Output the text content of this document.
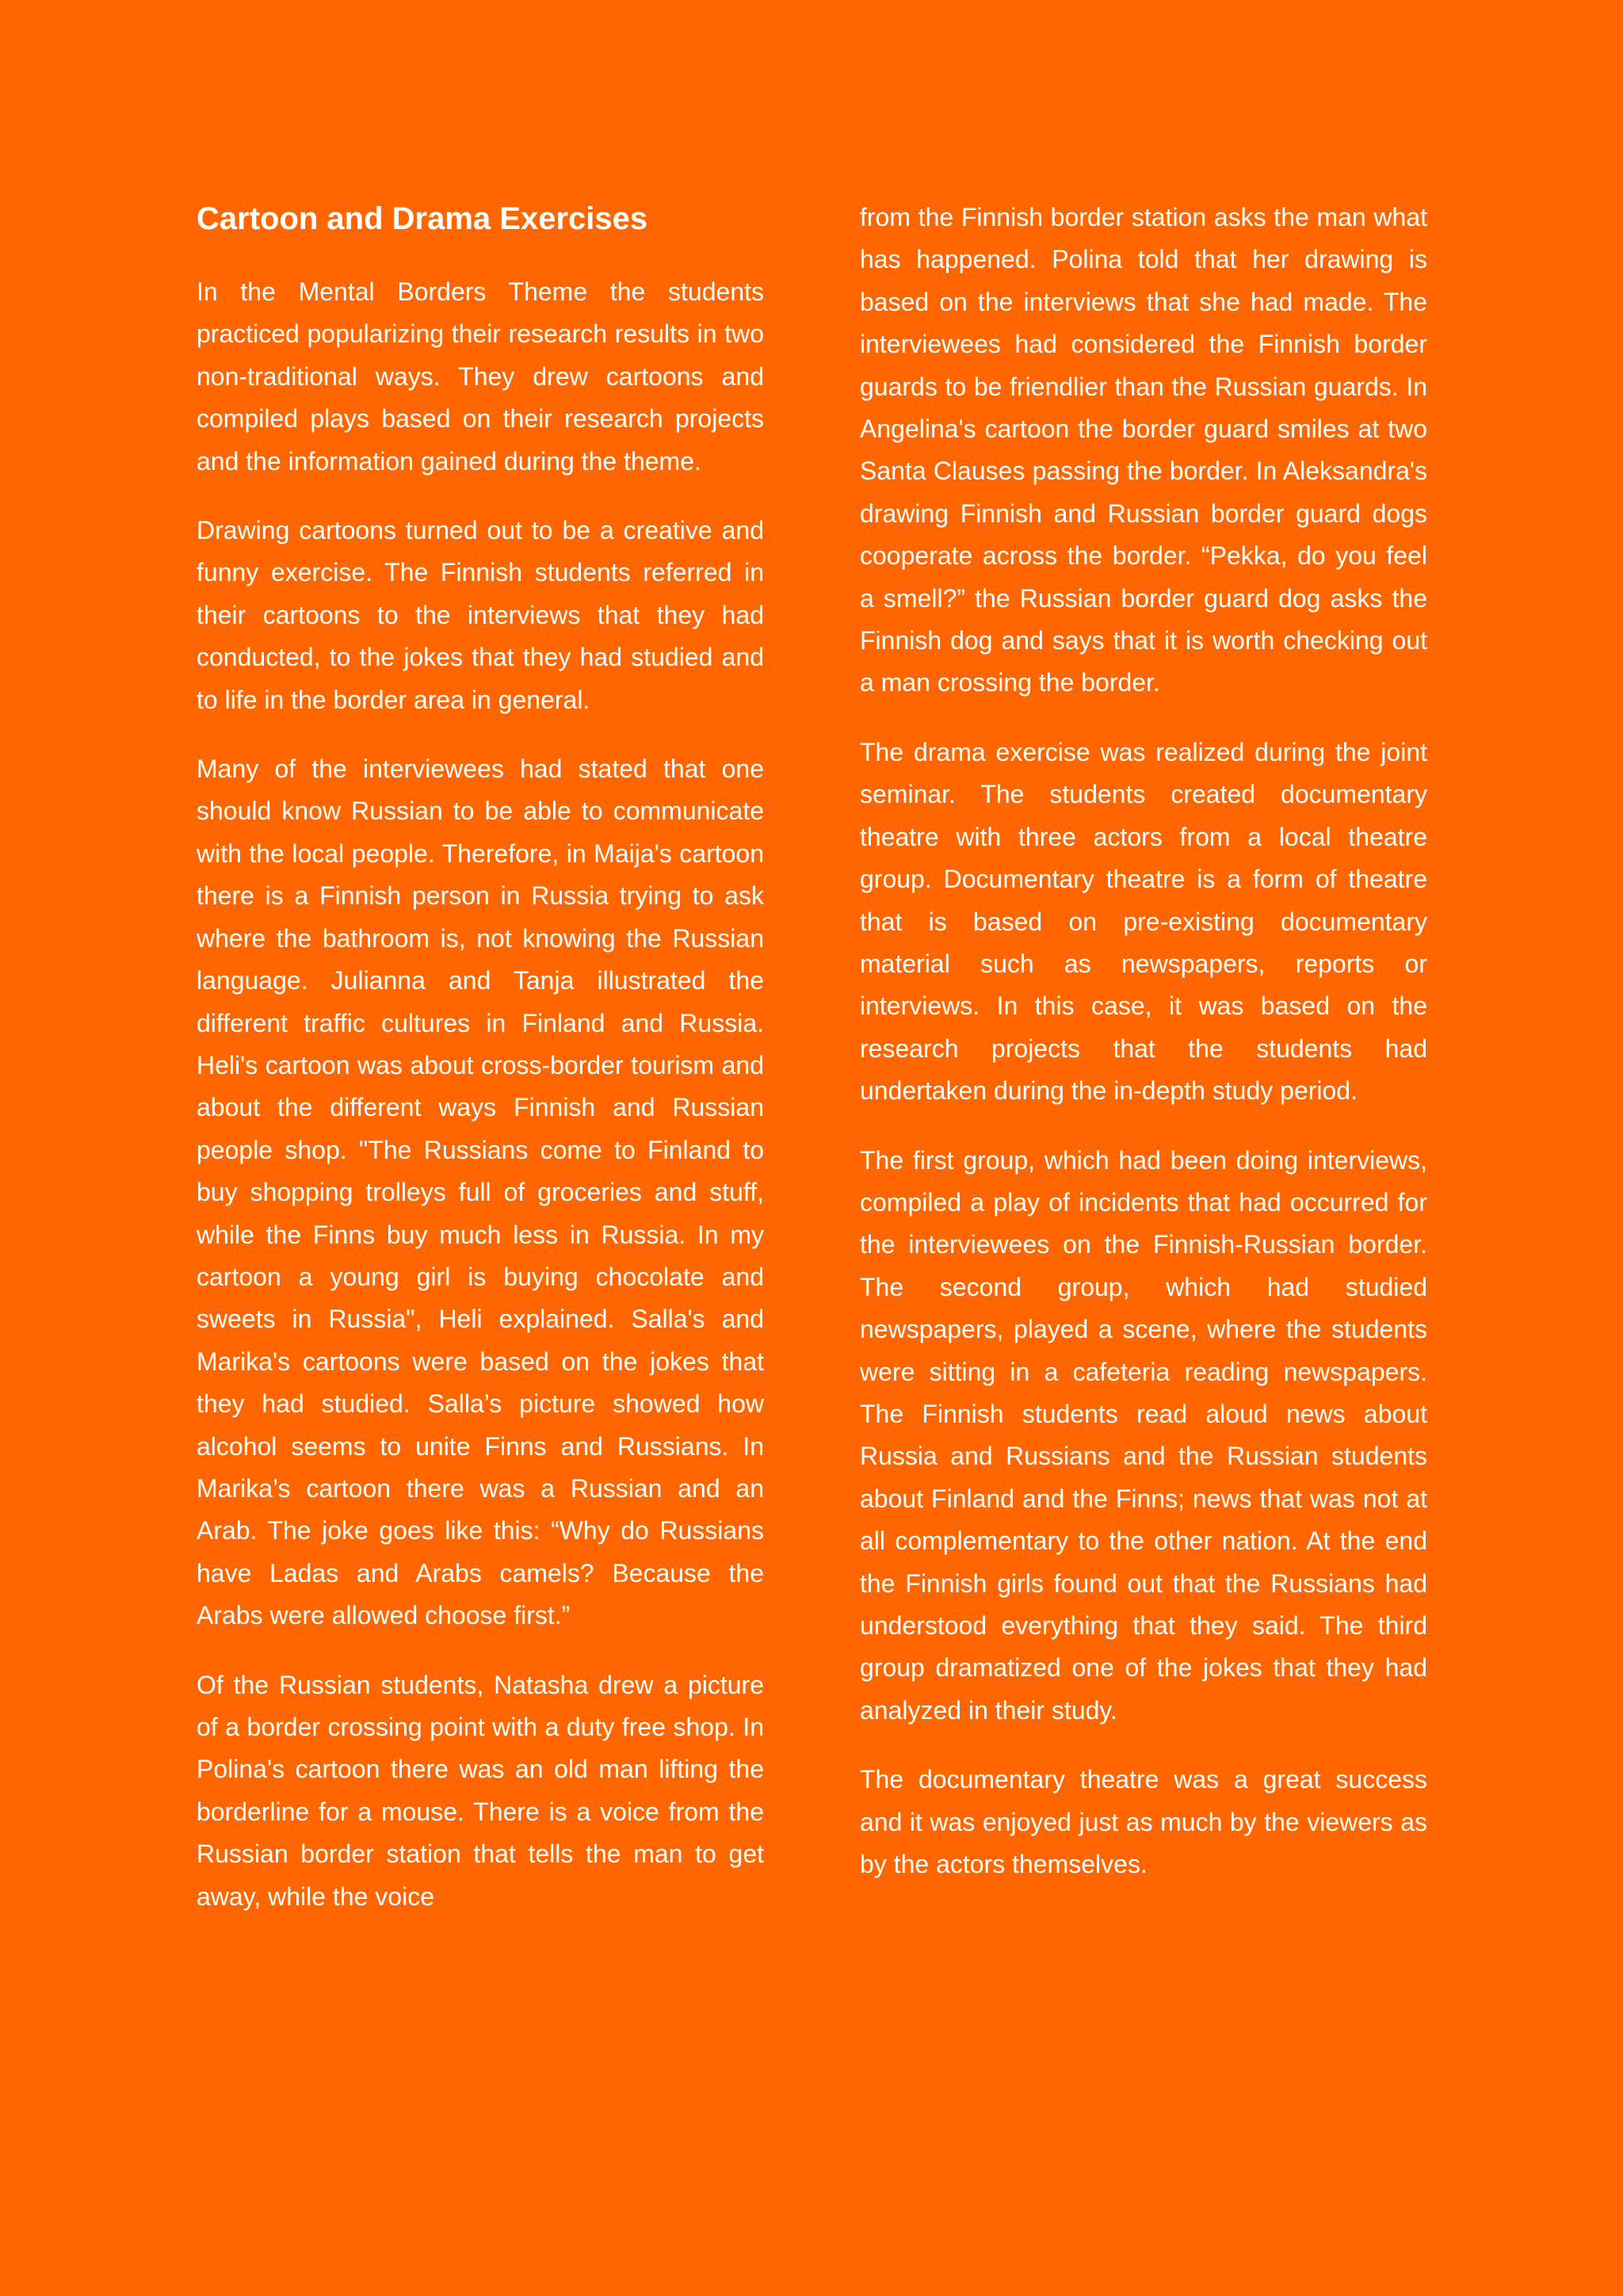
Cartoon and Drama Exercises

In the Mental Borders Theme the students practiced popularizing their research results in two non-traditional ways. They drew cartoons and compiled plays based on their research projects and the information gained during the theme.

Drawing cartoons turned out to be a creative and funny exercise. The Finnish students referred in their cartoons to the interviews that they had conducted, to the jokes that they had studied and to life in the border area in general.

Many of the interviewees had stated that one should know Russian to be able to communicate with the local people. Therefore, in Maija's cartoon there is a Finnish person in Russia trying to ask where the bathroom is, not knowing the Russian language. Julianna and Tanja illustrated the different traffic cultures in Finland and Russia. Heli's cartoon was about cross-border tourism and about the different ways Finnish and Russian people shop. "The Russians come to Finland to buy shopping trolleys full of groceries and stuff, while the Finns buy much less in Russia. In my cartoon a young girl is buying chocolate and sweets in Russia", Heli explained. Salla's and Marika's cartoons were based on the jokes that they had studied. Salla’s picture showed how alcohol seems to unite Finns and Russians. In Marika’s cartoon there was a Russian and an Arab. The joke goes like this: “Why do Russians have Ladas and Arabs camels? Because the Arabs were allowed choose first.”

Of the Russian students, Natasha drew a picture of a border crossing point with a duty free shop. In Polina's cartoon there was an old man lifting the borderline for a mouse. There is a voice from the Russian border station that tells the man to get away, while the voice

from the Finnish border station asks the man what has happened. Polina told that her drawing is based on the interviews that she had made. The interviewees had considered the Finnish border guards to be friendlier than the Russian guards. In Angelina's cartoon the border guard smiles at two Santa Clauses passing the border. In Aleksandra's drawing Finnish and Russian border guard dogs cooperate across the border. “Pekka, do you feel a smell?” the Russian border guard dog asks the Finnish dog and says that it is worth checking out a man crossing the border.

The drama exercise was realized during the joint seminar. The students created documentary theatre with three actors from a local theatre group. Documentary theatre is a form of theatre that is based on pre-existing documentary material such as newspapers, reports or interviews. In this case, it was based on the research projects that the students had undertaken during the in-depth study period.

The first group, which had been doing interviews, compiled a play of incidents that had occurred for the interviewees on the Finnish-Russian border. The second group, which had studied newspapers, played a scene, where the students were sitting in a cafeteria reading newspapers. The Finnish students read aloud news about Russia and Russians and the Russian students about Finland and the Finns; news that was not at all complementary to the other nation. At the end the Finnish girls found out that the Russians had understood everything that they said. The third group dramatized one of the jokes that they had analyzed in their study.

The documentary theatre was a great success and it was enjoyed just as much by the viewers as by the actors themselves.
